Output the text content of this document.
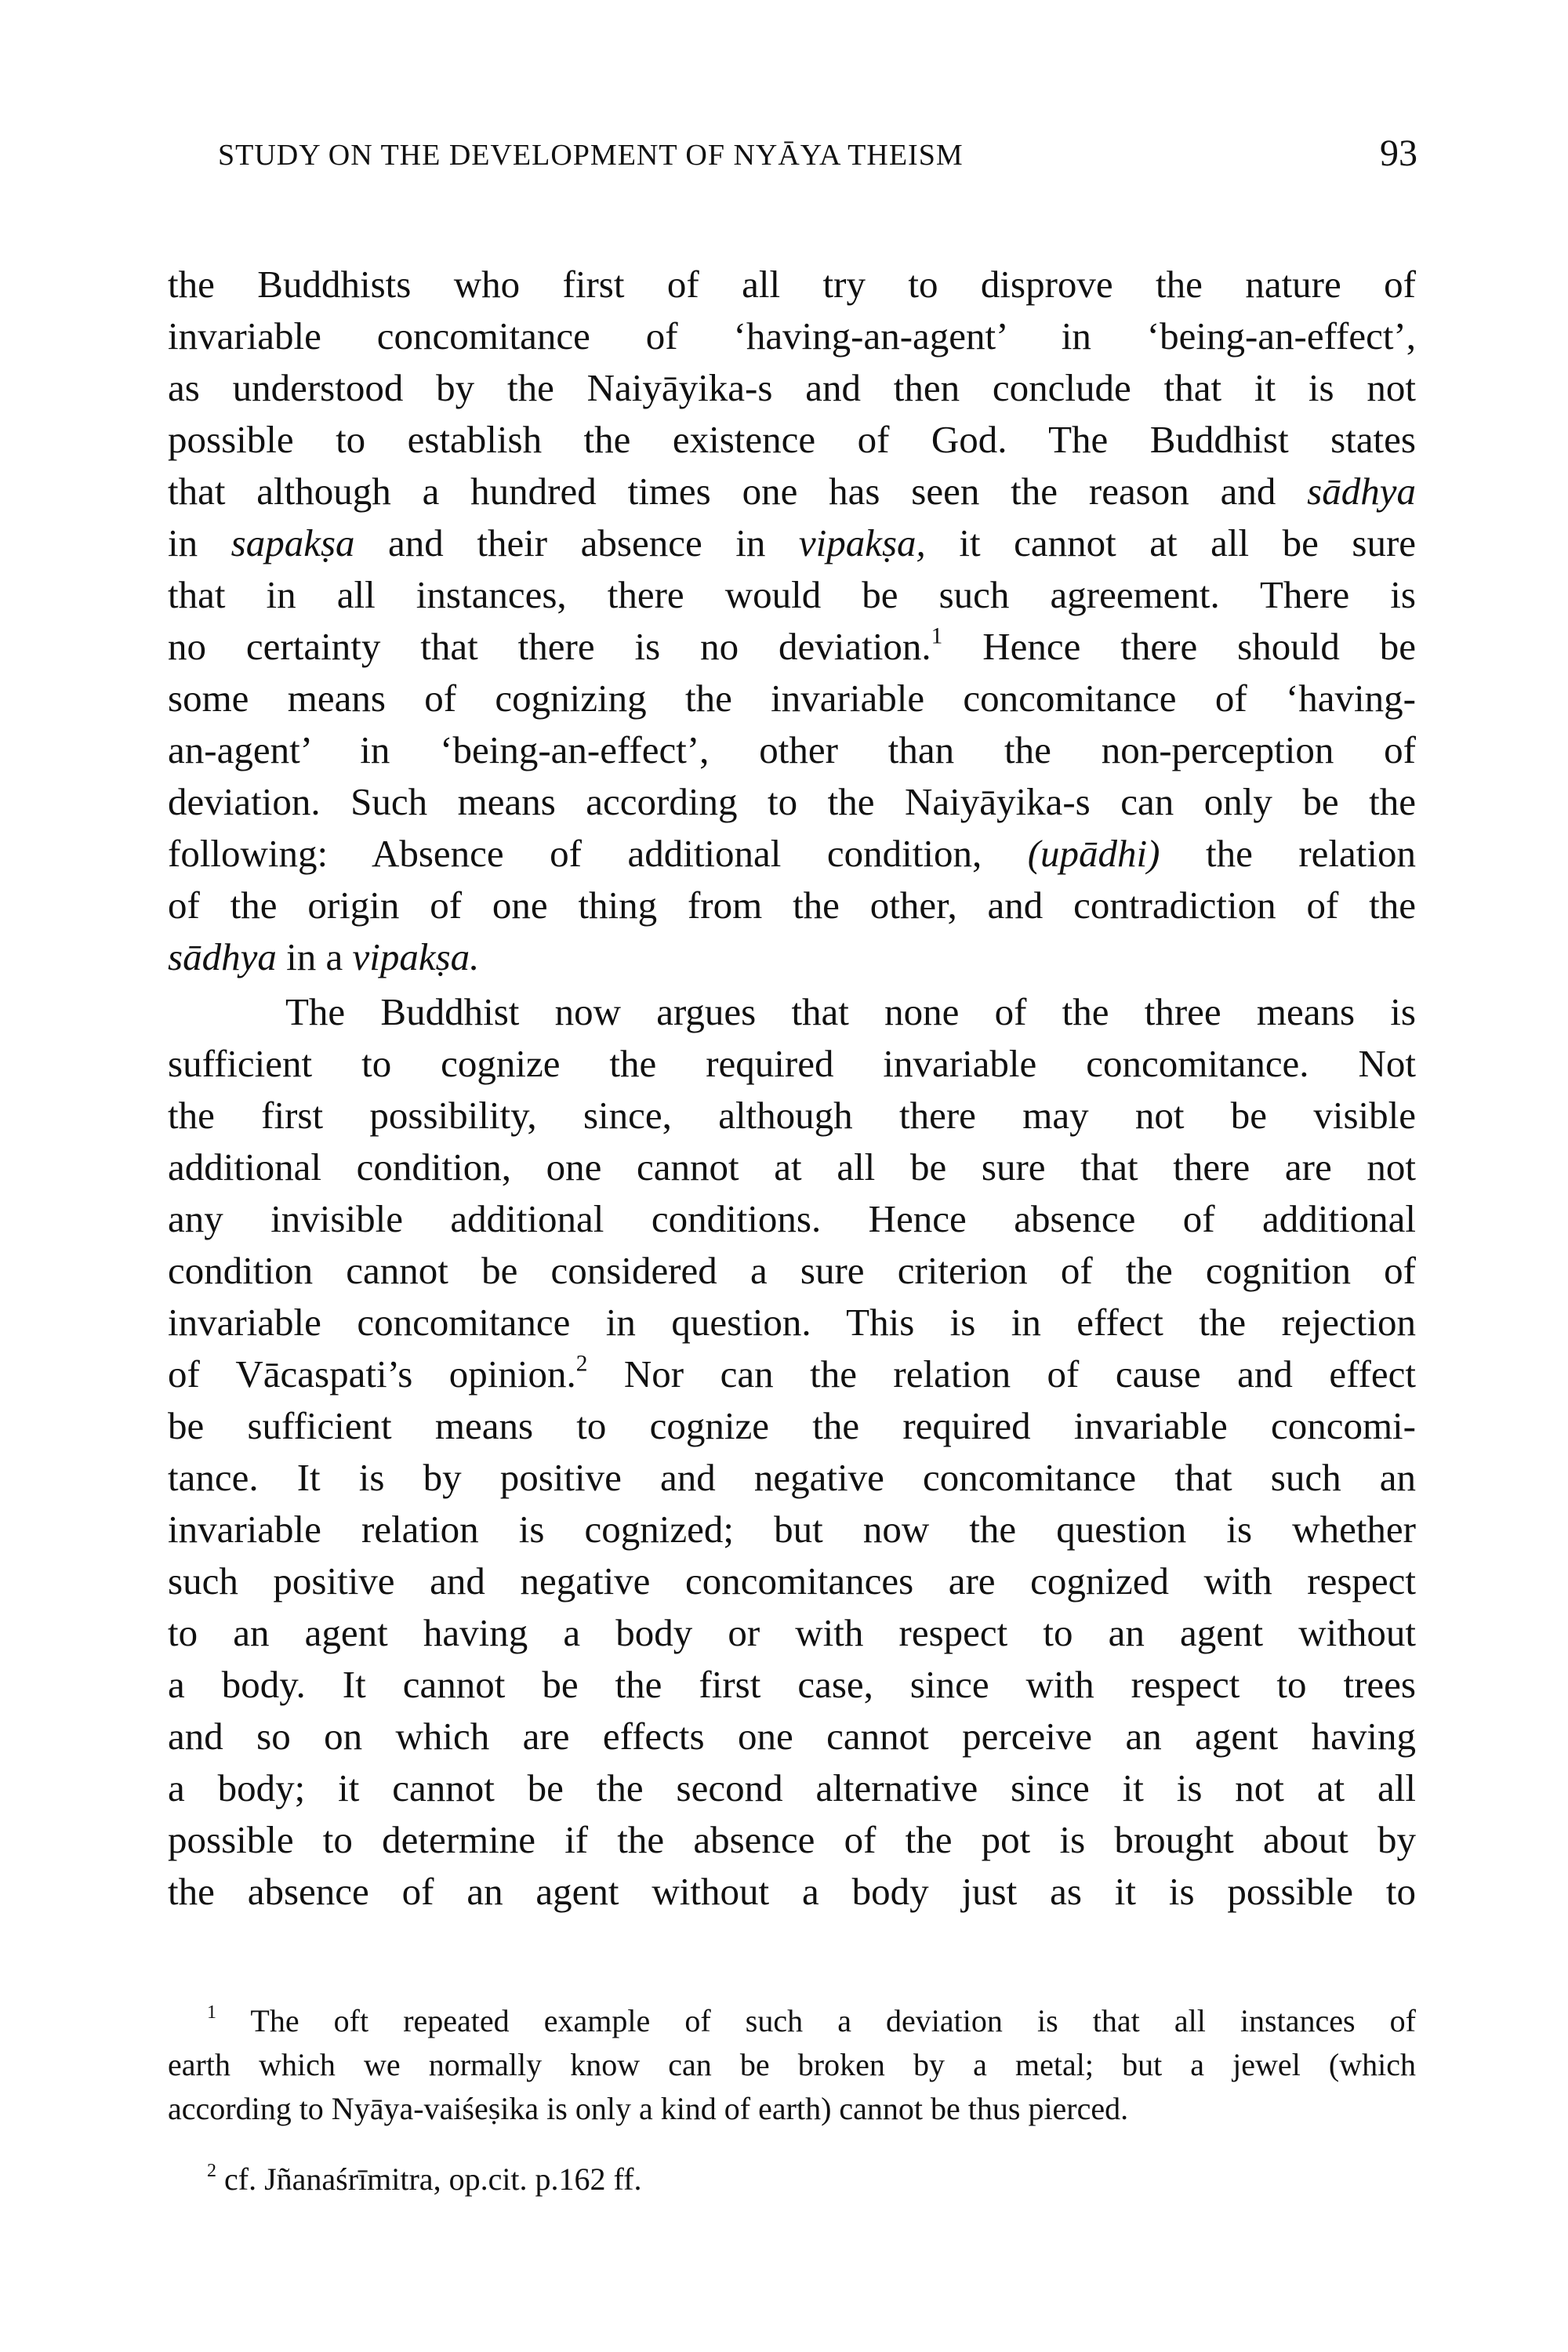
STUDY ON THE DEVELOPMENT OF NYĀYA THEISM	93
the Buddhists who first of all try to disprove the nature of
invariable concomitance of ‘having-an-agent’ in ‘being-an-effect’,
as understood by the Naiyāyika-s and then conclude that it is not
possible to establish the existence of God. The Buddhist states
that although a hundred times one has seen the reason and sādhya
in sapakṣa and their absence in vipakṣa, it cannot at all be sure
that in all instances, there would be such agreement. There is
no certainty that there is no deviation.$^1$ Hence there should be
some means of cognizing the invariable concomitance of ‘having-
an-agent’ in ‘being-an-effect’, other than the non-perception of
deviation. Such means according to the Naiyāyika-s can only be the
following: Absence of additional condition, (upādhi) the relation
of the origin of one thing from the other, and contradiction of the
sādhya in a vipakṣa.
The Buddhist now argues that none of the three means is
sufficient to cognize the required invariable concomitance. Not
the first possibility, since, although there may not be visible
additional condition, one cannot at all be sure that there are not
any invisible additional conditions. Hence absence of additional
condition cannot be considered a sure criterion of the cognition of
invariable concomitance in question. This is in effect the rejection
of Vācaspati’s opinion.$^2$ Nor can the relation of cause and effect
be sufficient means to cognize the required invariable concomi-
tance. It is by positive and negative concomitance that such an
invariable relation is cognized; but now the question is whether
such positive and negative concomitances are cognized with respect
to an agent having a body or with respect to an agent without
a body. It cannot be the first case, since with respect to trees
and so on which are effects one cannot perceive an agent having
a body; it cannot be the second alternative since it is not at all
possible to determine if the absence of the pot is brought about by
the absence of an agent without a body just as it is possible to
$^1$ The oft repeated example of such a deviation is that all instances of
earth which we normally know can be broken by a metal; but a jewel (which
according to Nyāya-vaiśeṣika is only a kind of earth) cannot be thus pierced.
$^2$ cf. Jñanaśrīmitra, op.cit. p.162 ff.
